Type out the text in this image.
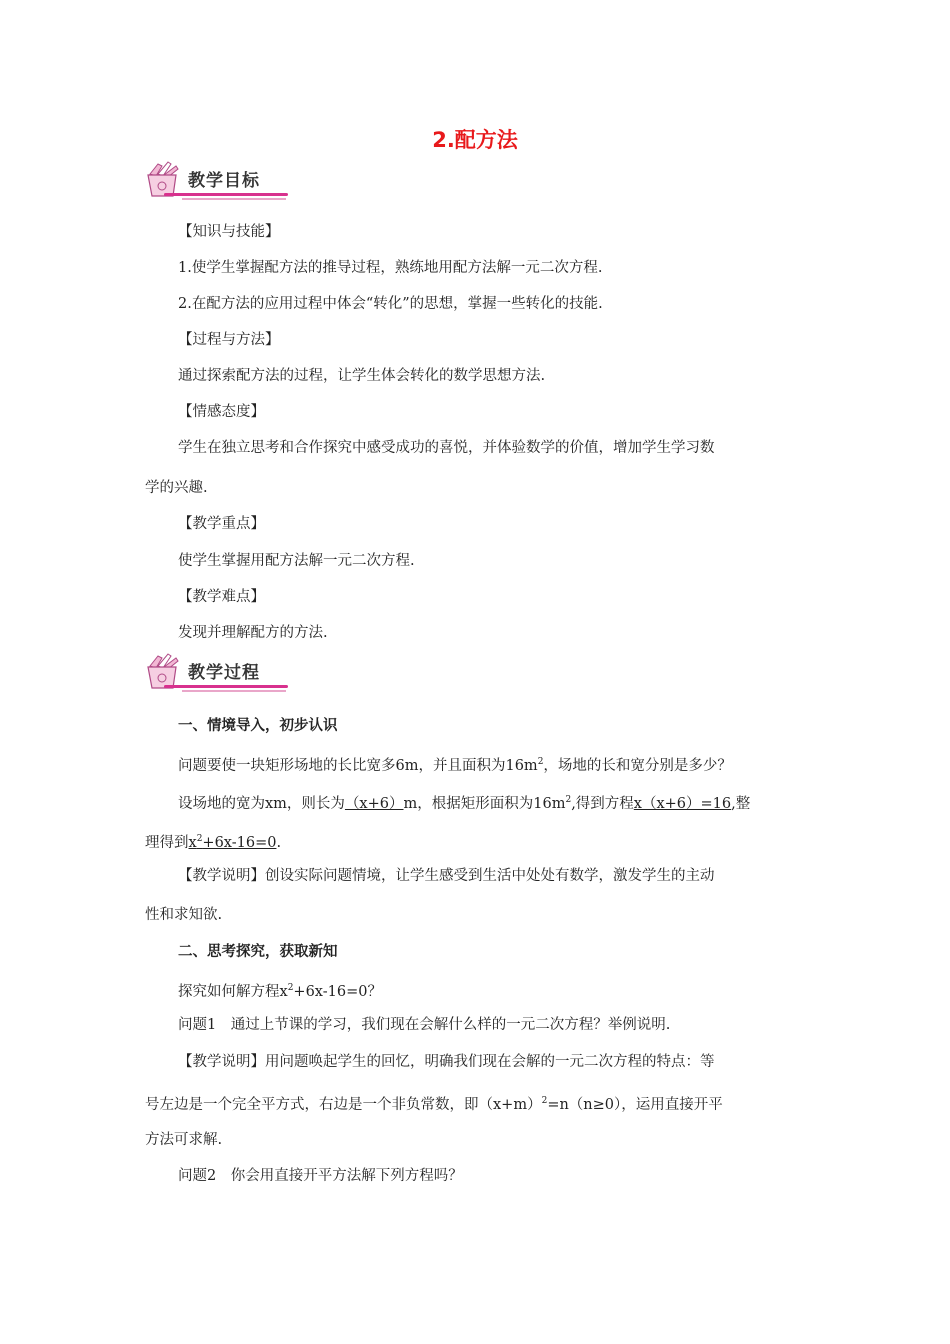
2.配方法
教学目标
【知识与技能】
1.使学生掌握配方法的推导过程，熟练地用配方法解一元二次方程.
2.在配方法的应用过程中体会“转化”的思想，掌握一些转化的技能.
【过程与方法】
通过探索配方法的过程，让学生体会转化的数学思想方法.
【情感态度】
学生在独立思考和合作探究中感受成功的喜悦，并体验数学的价值，增加学生学习数
学的兴趣.
【教学重点】
使学生掌握用配方法解一元二次方程.
【教学难点】
发现并理解配方的方法.
教学过程
一、情境导入，初步认识
问题要使一块矩形场地的长比宽多6m，并且面积为$16m^2$，场地的长和宽分别是多少？
设场地的宽为xm，则长为（x+6）m，根据矩形面积为$16m^2$,得到方程x（x+6）=16,整
理得到$x^2+6x-16=0$.
【教学说明】创设实际问题情境，让学生感受到生活中处处有数学，激发学生的主动
性和求知欲.
二、思考探究，获取新知
探究如何解方程$x^2+6x-16=0$？
问题1　通过上节课的学习，我们现在会解什么样的一元二次方程？举例说明.
【教学说明】用问题唤起学生的回忆，明确我们现在会解的一元二次方程的特点：等
号左边是一个完全平方式，右边是一个非负常数，即$(x+m)^2=n(n\ge 0)$，运用直接开平
方法可求解.
问题2　你会用直接开平方法解下列方程吗？
